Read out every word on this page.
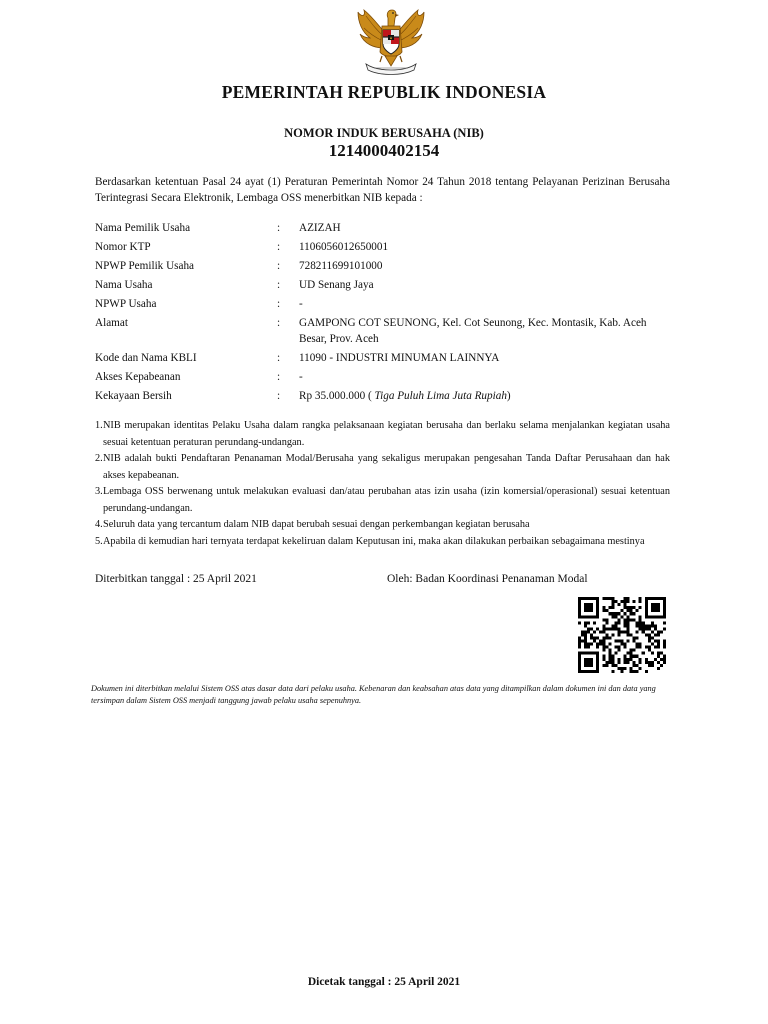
PEMERINTAH REPUBLIK INDONESIA
NOMOR INDUK BERUSAHA (NIB)
1214000402154
Berdasarkan ketentuan Pasal 24 ayat (1) Peraturan Pemerintah Nomor 24 Tahun 2018 tentang Pelayanan Perizinan Berusaha Terintegrasi Secara Elektronik, Lembaga OSS menerbitkan NIB kepada :
Nama Pemilik Usaha	:	AZIZAH
Nomor KTP	:	1106056012650001
NPWP Pemilik Usaha	:	728211699101000
Nama Usaha	:	UD Senang Jaya
NPWP Usaha	:	-
Alamat	:	GAMPONG COT SEUNONG, Kel. Cot Seunong, Kec. Montasik, Kab. Aceh Besar, Prov. Aceh
Kode dan Nama KBLI	:	11090 - INDUSTRI MINUMAN LAINNYA
Akses Kepabeanan	:	-
Kekayaan Bersih	:	Rp 35.000.000 ( Tiga Puluh Lima Juta Rupiah)
1. NIB merupakan identitas Pelaku Usaha dalam rangka pelaksanaan kegiatan berusaha dan berlaku selama menjalankan kegiatan usaha sesuai ketentuan peraturan perundang-undangan.
2. NIB adalah bukti Pendaftaran Penanaman Modal/Berusaha yang sekaligus merupakan pengesahan Tanda Daftar Perusahaan dan hak akses kepabeanan.
3. Lembaga OSS berwenang untuk melakukan evaluasi dan/atau perubahan atas izin usaha (izin komersial/operasional) sesuai ketentuan perundang-undangan.
4. Seluruh data yang tercantum dalam NIB dapat berubah sesuai dengan perkembangan kegiatan berusaha
5. Apabila di kemudian hari ternyata terdapat kekeliruan dalam Keputusan ini, maka akan dilakukan perbaikan sebagaimana mestinya
Diterbitkan tanggal : 25 April 2021	Oleh: Badan Koordinasi Penanaman Modal
Dokumen ini diterbitkan melalui Sistem OSS atas dasar data dari pelaku usaha. Kebenaran dan keabsahan atas data yang ditampilkan dalam dokumen ini dan data yang tersimpan dalam Sistem OSS menjadi tanggung jawab pelaku usaha sepenuhnya.
Dicetak tanggal : 25 April 2021
